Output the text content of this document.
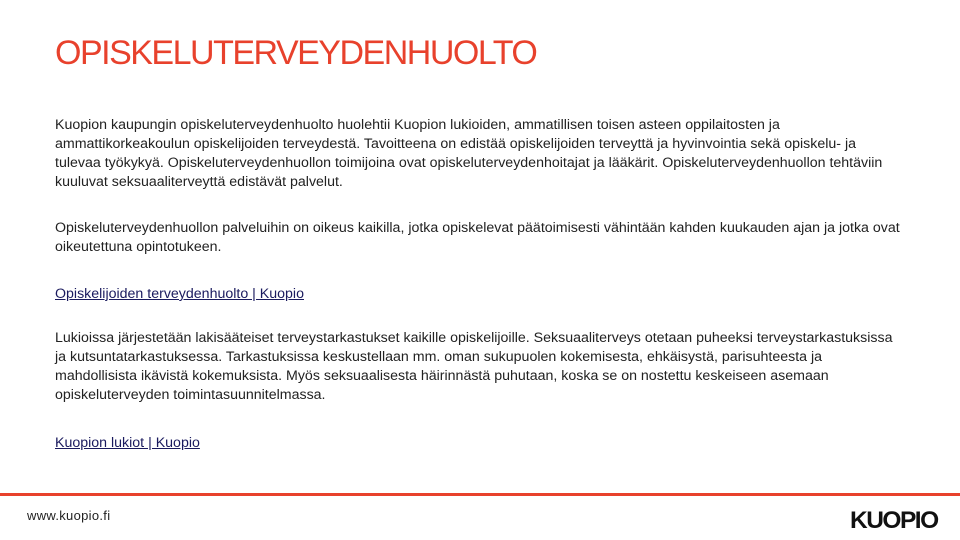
OPISKELUTERVEYDENHUOLTO

Kuopion kaupungin opiskeluterveydenhuolto huolehtii Kuopion lukioiden, ammatillisen toisen asteen oppilaitosten ja ammattikorkeakoulun opiskelijoiden terveydestä. Tavoitteena on edistää opiskelijoiden terveyttä ja hyvinvointia sekä opiskelu- ja tulevaa työkykyä. Opiskeluterveydenhuollon toimijoina ovat opiskeluterveydenhoitajat ja lääkärit. Opiskeluterveydenhuollon tehtäviin kuuluvat seksuaaliterveyttä edistävät palvelut.

Opiskeluterveydenhuollon palveluihin on oikeus kaikilla, jotka opiskelevat päätoimisesti vähintään kahden kuukauden ajan ja jotka ovat oikeutettuna opintotukeen.

Opiskelijoiden terveydenhuolto | Kuopio

Lukioissa järjestetään lakisääteiset terveystarkastukset kaikille opiskelijoille. Seksuaaliterveys otetaan puheeksi terveystarkastuksissa ja kutsuntatarkastuksessa. Tarkastuksissa keskustellaan mm. oman sukupuolen kokemisesta, ehkäisystä, parisuhteesta ja mahdollisista ikävistä kokemuksista. Myös seksuaalisesta häirinnästä puhutaan, koska se on nostettu keskeiseen asemaan opiskeluterveyden toimintasuunnitelmassa.

Kuopion lukiot | Kuopio
www.kuopio.fi	KUOPIO
